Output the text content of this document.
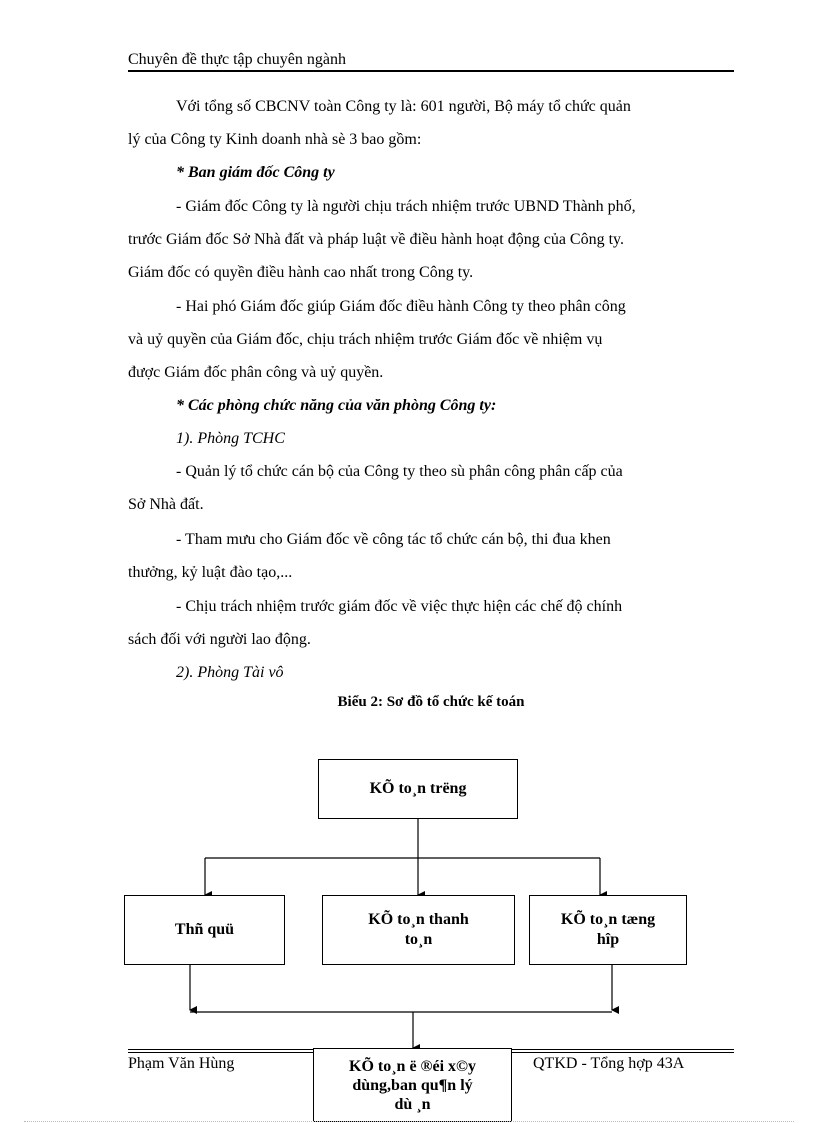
Chuyên đề thực tập chuyên ngành

Với tổng số CBCNV toàn Công ty là: 601 người, Bộ máy tổ chức quản

lý của Công ty Kinh doanh nhà sè 3 bao gồm:

* Ban giám đốc Công ty

- Giám đốc Công ty là người chịu trách nhiệm trước UBND Thành phố,

trước Giám đốc Sở Nhà đất và pháp luật về điều hành hoạt động của Công ty.

Giám đốc có quyền điều hành cao nhất trong Công ty.

- Hai phó Giám đốc giúp Giám đốc điều hành Công ty theo phân công

và uỷ quyền của Giám đốc, chịu trách nhiệm trước Giám đốc về nhiệm vụ

được Giám đốc phân công và uỷ quyền.

* Các phòng chức năng của văn phòng Công ty:

1). Phòng TCHC

- Quản lý tổ chức cán bộ của Công ty theo sù phân công phân cấp của

Sở Nhà đất.

- Tham mưu cho Giám đốc về công tác tổ chức cán bộ, thi đua khen

thưởng, kỷ luật đào tạo,...

- Chịu trách nhiệm trước giám đốc về việc thực hiện các chế độ chính

sách đối với người lao động.

2). Phòng Tài vô

Biểu 2: Sơ đồ tổ chức kế toán
KÕ to¸n trëng
Thñ quü
KÕ to¸n thanh
to¸n
KÕ to¸n tæng
hîp
Phạm Văn Hùng	QTKD - Tổng hợp 43A
KÕ to¸n ë ®éi x©y
dùng,ban qu¶n lý
dù ¸n
